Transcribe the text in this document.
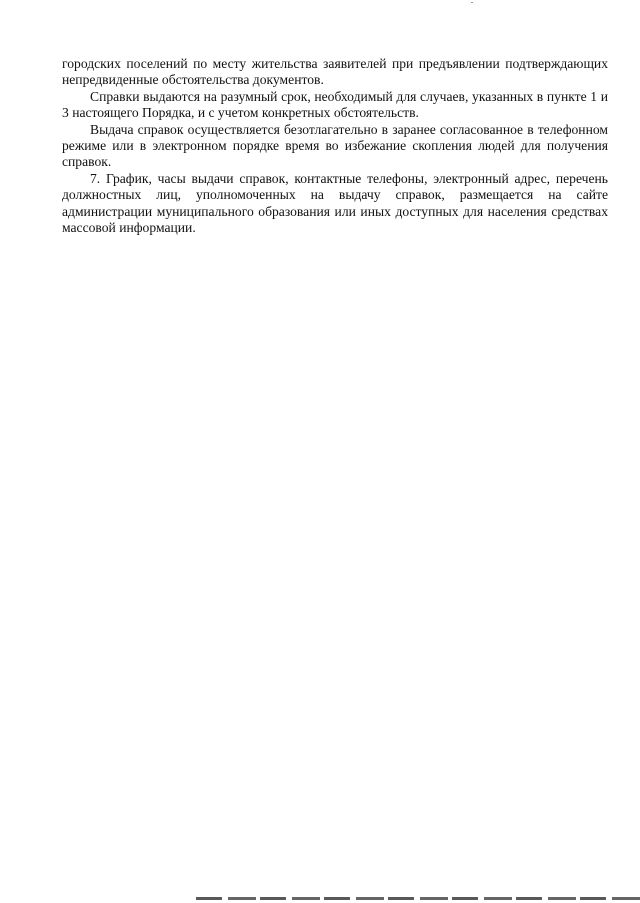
городских поселений по месту жительства заявителей при предъявлении подтверждающих непредвиденные обстоятельства документов.

Справки выдаются на разумный срок, необходимый для случаев, указанных в пункте 1 и 3 настоящего Порядка, и с учетом конкретных обстоятельств.

Выдача справок осуществляется безотлагательно в заранее согласованное в телефонном режиме или в электронном порядке время во избежание скопления людей для получения справок.

7. График, часы выдачи справок, контактные телефоны, электронный адрес, перечень должностных лиц, уполномоченных на выдачу справок, размещается на сайте администрации муниципального образования или иных доступных для населения средствах массовой информации.
